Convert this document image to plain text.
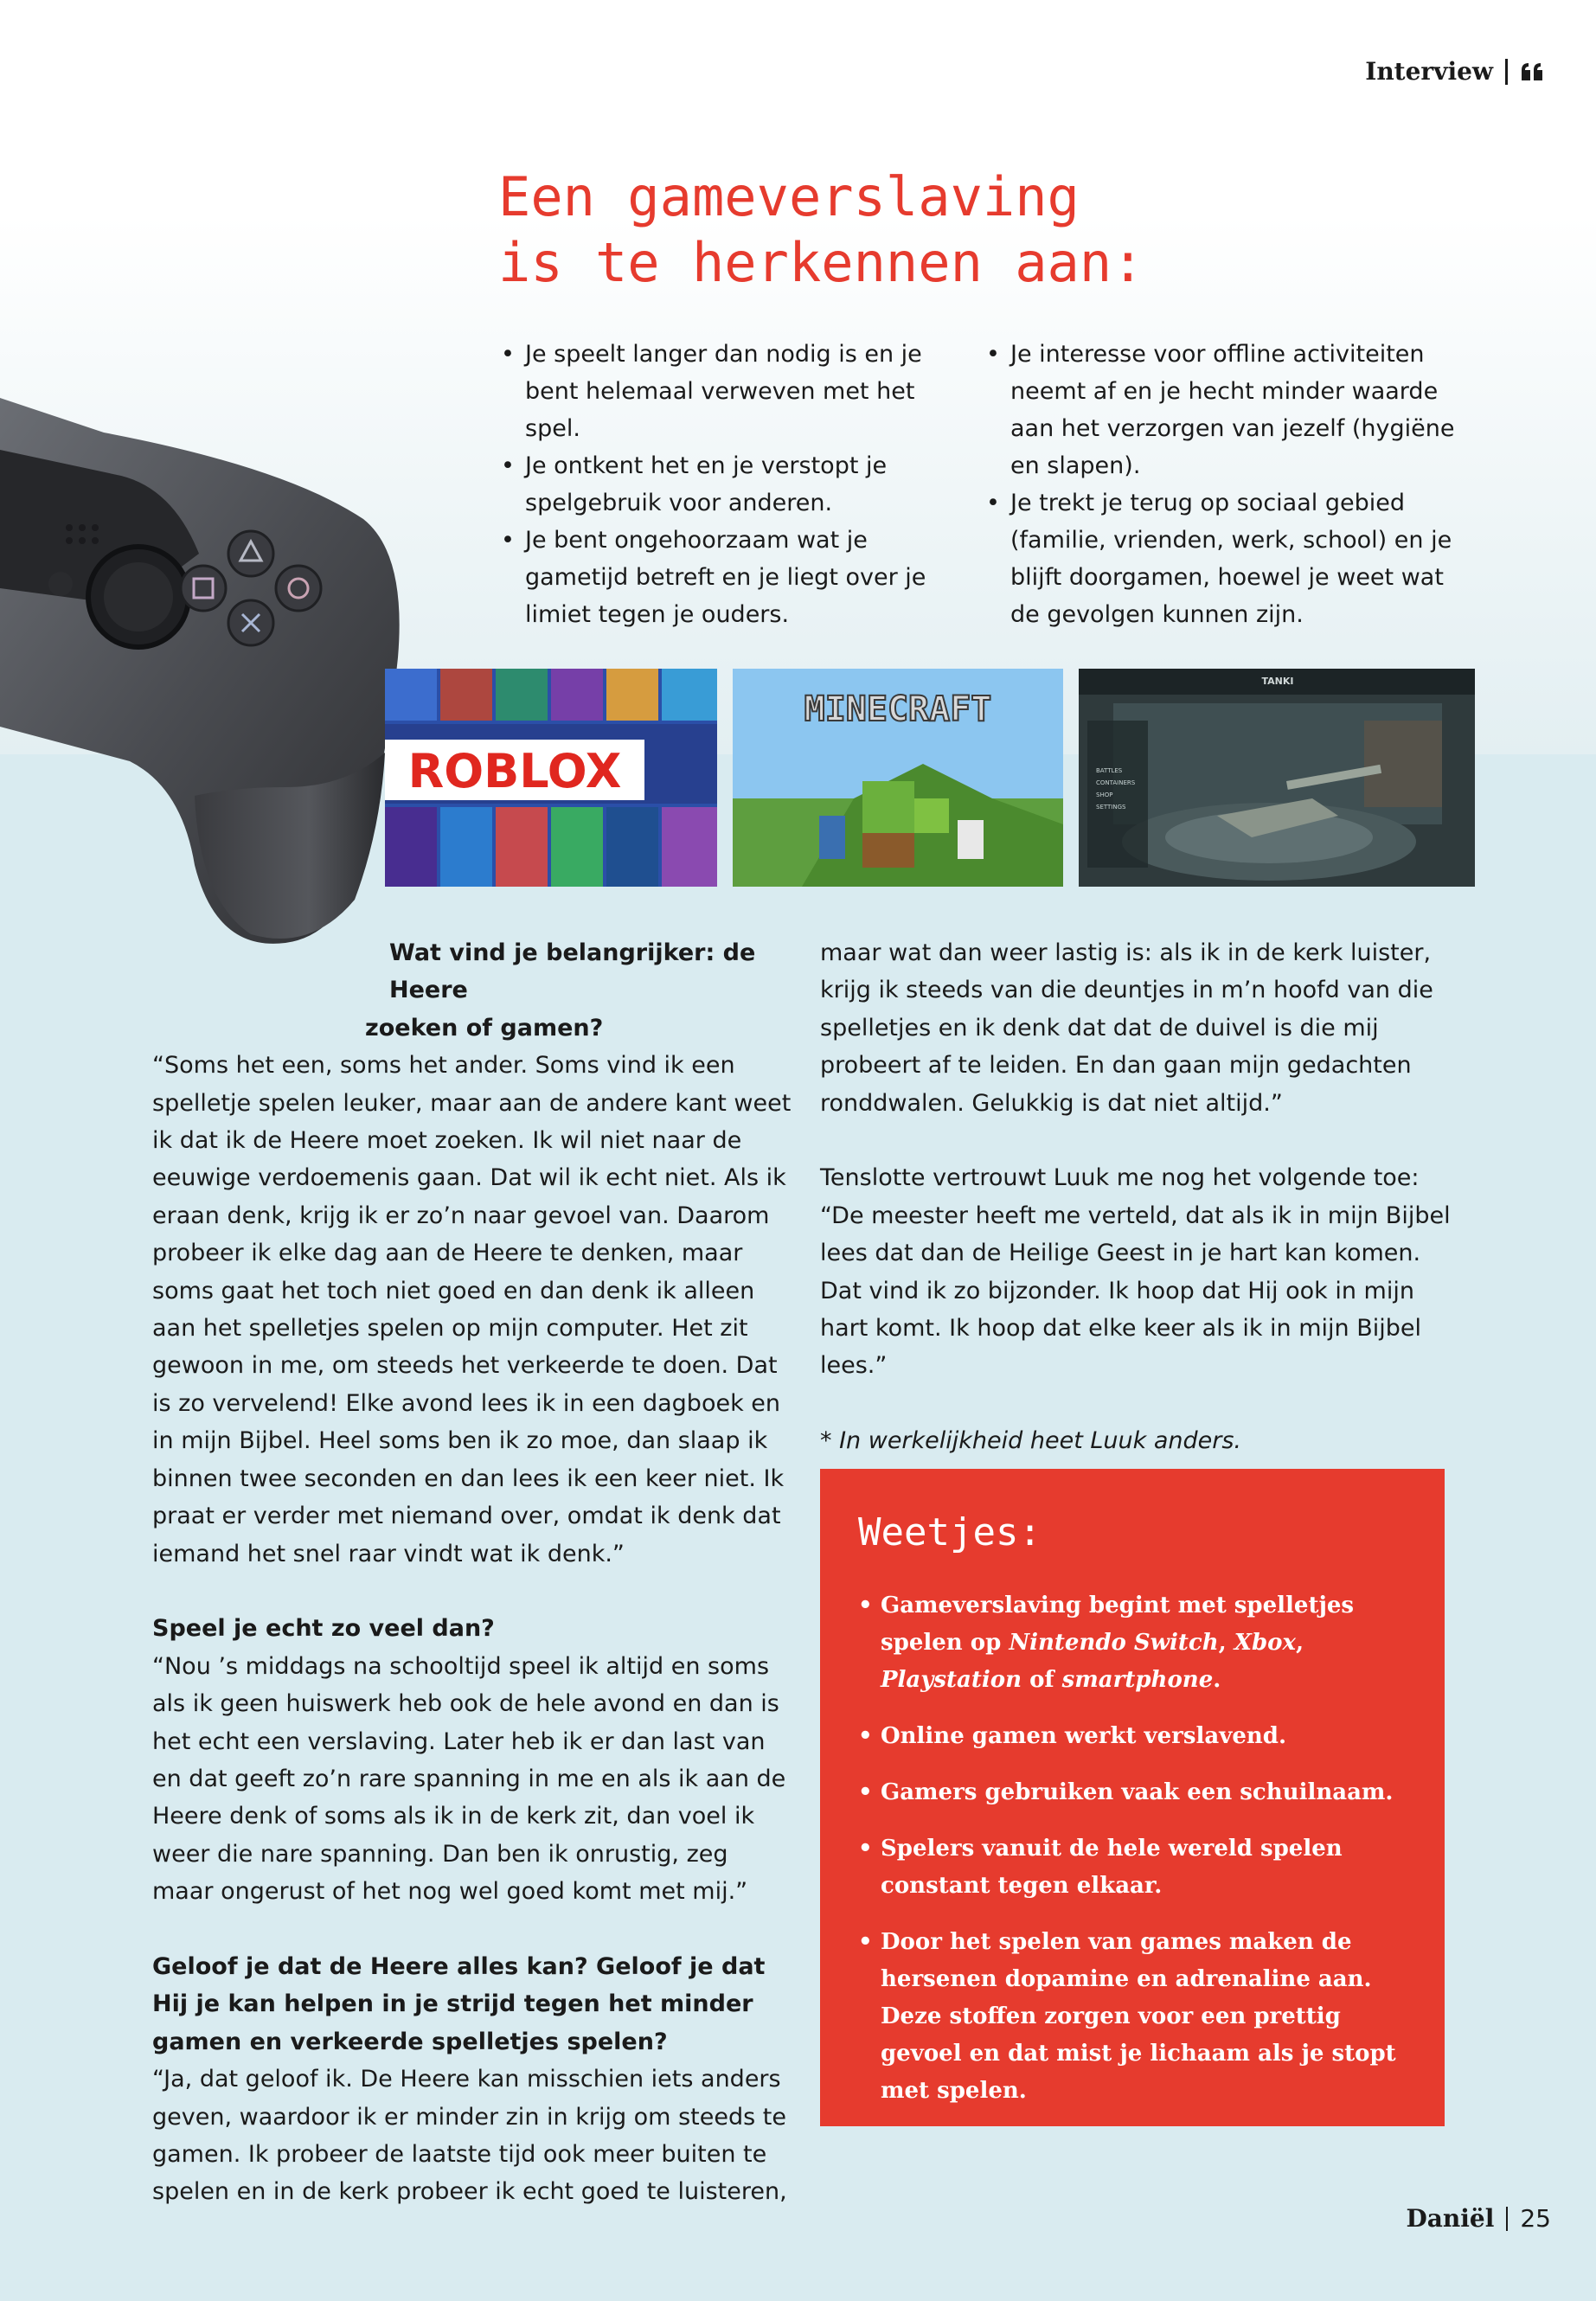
Interview
Een gameverslaving
is te herkennen aan:
• Je speelt langer dan nodig is en je bent helemaal verweven met het spel.
• Je ontkent het en je verstopt je spelgebruik voor anderen.
• Je bent ongehoorzaam wat je gametijd betreft en je liegt over je limiet tegen je ouders.
• Je interesse voor offline activiteiten neemt af en je hecht minder waarde aan het verzorgen van jezelf (hygiëne en slapen).
• Je trekt je terug op sociaal gebied (familie, vrienden, werk, school) en je blijft doorgamen, hoewel je weet wat de gevolgen kunnen zijn.
ROBLOX
MINECRAFT
TANKI
BATTLES
CONTAINERS
SHOP
SETTINGS

Wat vind je belangrijker: de Heere

zoeken of gamen?

“Soms het een, soms het ander. Soms vind ik een spelletje spelen leuker, maar aan de andere kant weet ik dat ik de Heere moet zoeken. Ik wil niet naar de eeuwige verdoemenis gaan. Dat wil ik echt niet. Als ik eraan denk, krijg ik er zo’n naar gevoel van. Daarom probeer ik elke dag aan de Heere te denken, maar soms gaat het toch niet goed en dan denk ik alleen aan het spelletjes spelen op mijn computer. Het zit gewoon in me, om steeds het verkeerde te doen. Dat is zo vervelend! Elke avond lees ik in een dagboek en in mijn Bijbel. Heel soms ben ik zo moe, dan slaap ik binnen twee seconden en dan lees ik een keer niet. Ik praat er verder met niemand over, omdat ik denk dat iemand het snel raar vindt wat ik denk.”

Speel je echt zo veel dan?

“Nou ’s middags na schooltijd speel ik altijd en soms als ik geen huiswerk heb ook de hele avond en dan is het echt een verslaving. Later heb ik er dan last van en dat geeft zo’n rare spanning in me en als ik aan de Heere denk of soms als ik in de kerk zit, dan voel ik weer die nare spanning. Dan ben ik onrustig, zeg maar ongerust of het nog wel goed komt met mij.”

Geloof je dat de Heere alles kan? Geloof je dat Hij je kan helpen in je strijd tegen het minder gamen en verkeerde spelletjes spelen?

“Ja, dat geloof ik. De Heere kan misschien iets anders geven, waardoor ik er minder zin in krijg om steeds te gamen. Ik probeer de laatste tijd ook meer buiten te spelen en in de kerk probeer ik echt goed te luisteren,

maar wat dan weer lastig is: als ik in de kerk luister, krijg ik steeds van die deuntjes in m’n hoofd van die spelletjes en ik denk dat dat de duivel is die mij probeert af te leiden. En dan gaan mijn gedachten ronddwalen. Gelukkig is dat niet altijd.”

Tenslotte vertrouwt Luuk me nog het volgende toe: “De meester heeft me verteld, dat als ik in mijn Bijbel lees dat dan de Heilige Geest in je hart kan komen. Dat vind ik zo bijzonder. Ik hoop dat Hij ook in mijn hart komt. Ik hoop dat elke keer als ik in mijn Bijbel lees.”

* In werkelijkheid heet Luuk anders.

Weetjes:
• Gameverslaving begint met spelletjes spelen op Nintendo Switch, Xbox, Playstation of smartphone.
• Online gamen werkt verslavend.
• Gamers gebruiken vaak een schuilnaam.
• Spelers vanuit de hele wereld spelen constant tegen elkaar.
• Door het spelen van games maken de hersenen dopamine en adrenaline aan. Deze stoffen zorgen voor een prettig gevoel en dat mist je lichaam als je stopt met spelen.
Daniël 25
